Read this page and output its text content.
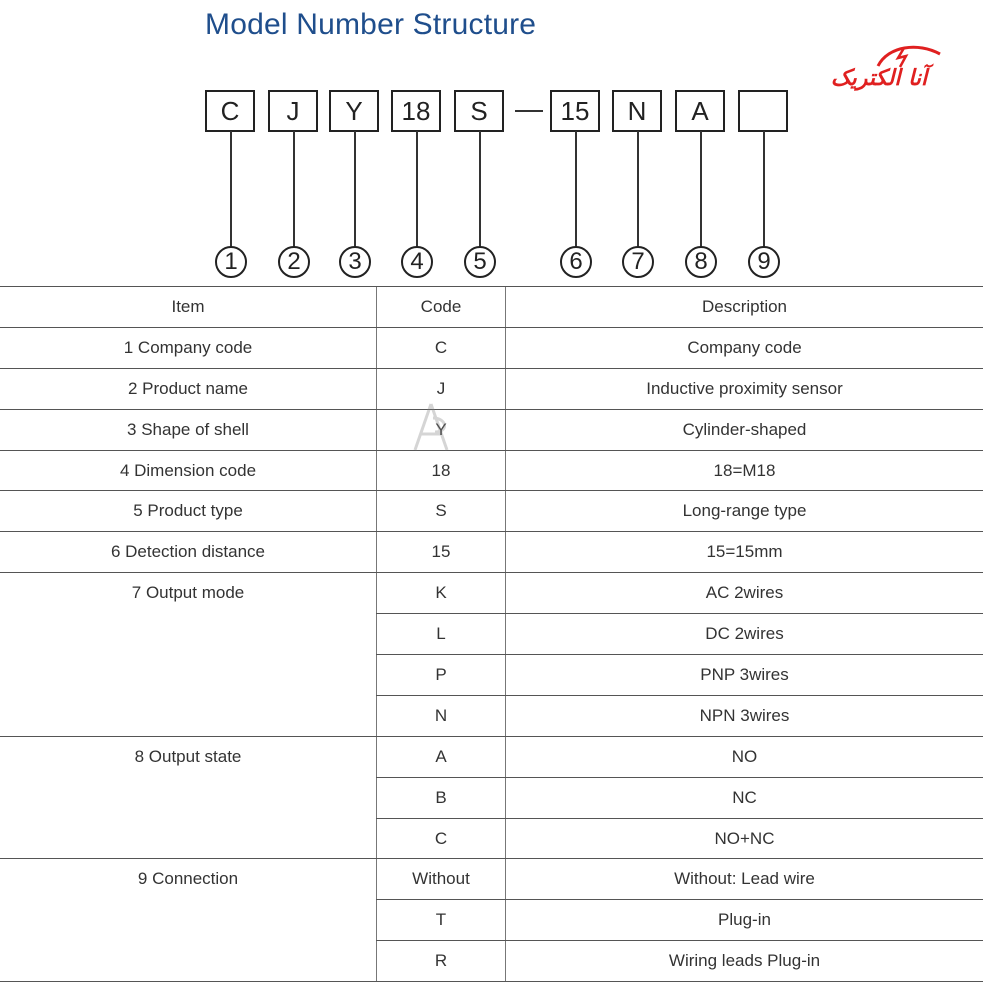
Model Number Structure
آنا الکتریک
C	J	Y	18	S	15	N	A
1	2	3	4	5	6	7	8	9
Item	Code	Description
1 Company code	C	Company code
2 Product name	J	Inductive proximity sensor
3 Shape of shell	Y	Cylinder-shaped
4 Dimension code	18	18=M18
5 Product type	S	Long-range type
6 Detection distance	15	15=15mm
7 Output mode	K	AC 2wires
	L	DC 2wires
	P	PNP 3wires
	N	NPN 3wires
8 Output state	A	NO
	B	NC
	C	NO+NC
9 Connection	Without	Without: Lead wire
	T	Plug-in
	R	Wiring leads Plug-in
